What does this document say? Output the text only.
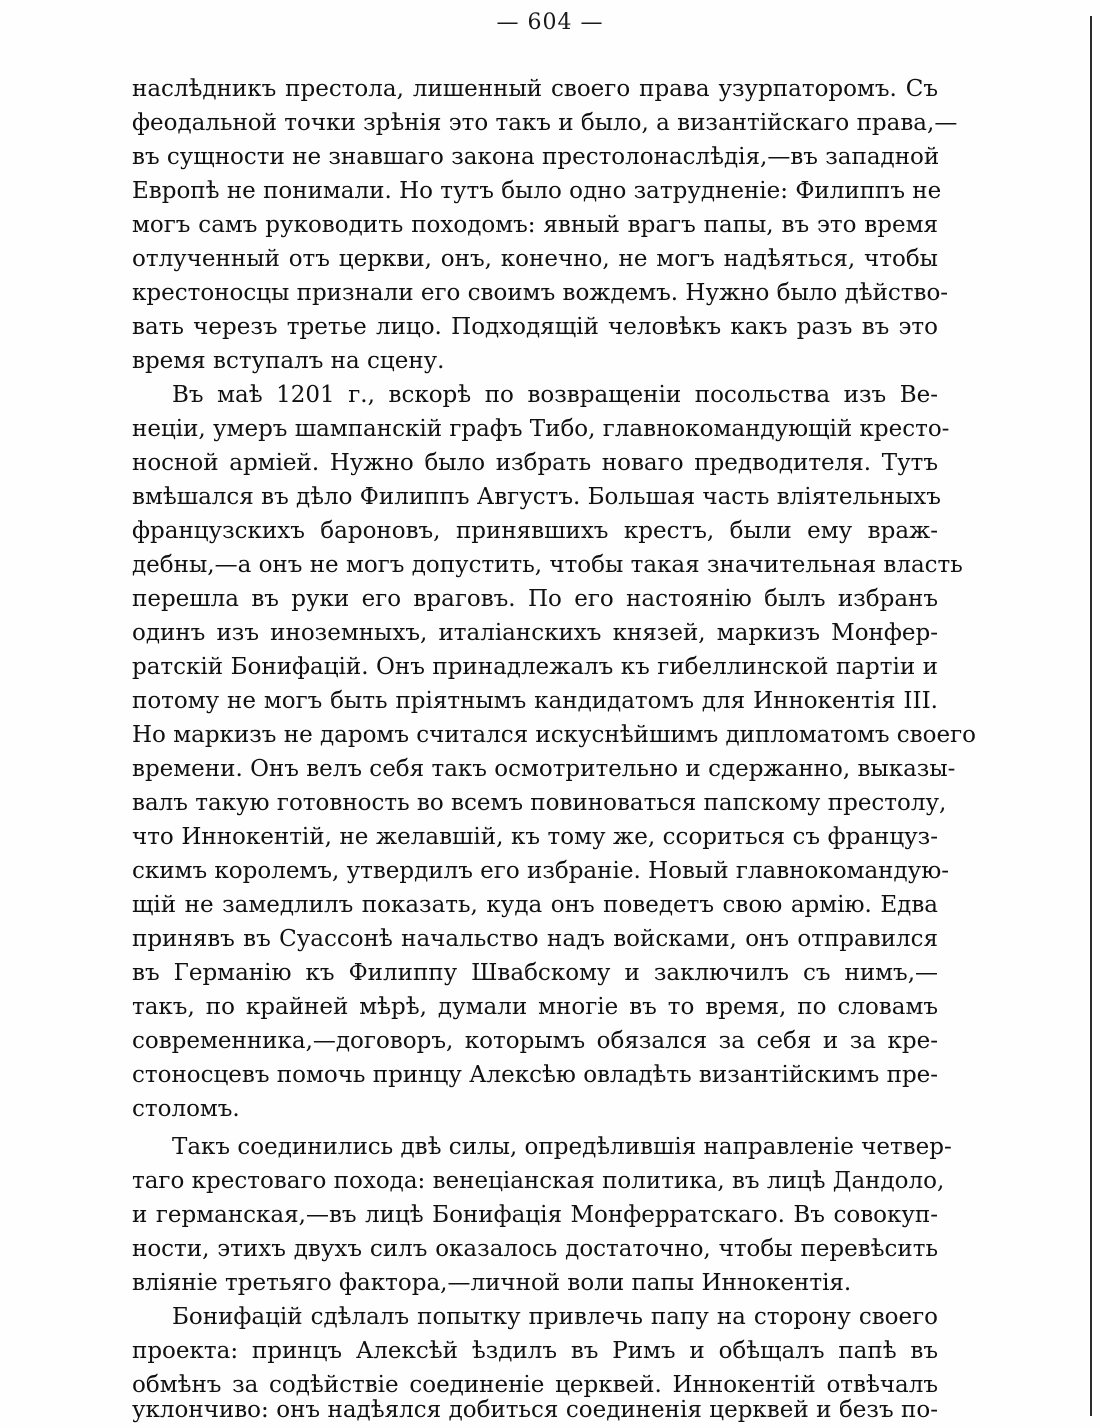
— 604 —
наслѣдникъ престола, лишенный своего права узурпаторомъ. Съ
феодальной точки зрѣнія это такъ и было, а византійскаго права,—
въ сущности не знавшаго закона престолонаслѣдія,—въ западной
Европѣ не понимали. Но тутъ было одно затрудненіе: Филиппъ не
могъ самъ руководить походомъ: явный врагъ папы, въ это время
отлученный отъ церкви, онъ, конечно, не могъ надѣяться, чтобы
крестоносцы признали его своимъ вождемъ. Нужно было дѣйство-
вать черезъ третье лицо. Подходящій человѣкъ какъ разъ въ это
время вступалъ на сцену.
Въ маѣ 1201 г., вскорѣ по возвращеніи посольства изъ Ве-
неціи, умеръ шампанскій графъ Тибо, главнокомандующій кресто-
носной арміей. Нужно было избрать новаго предводителя. Тутъ
вмѣшался въ дѣло Филиппъ Августъ. Большая часть вліятельныхъ
французскихъ бароновъ, принявшихъ крестъ, были ему враж-
дебны,—а онъ не могъ допустить, чтобы такая значительная власть
перешла въ руки его враговъ. По его настоянію былъ избранъ
одинъ изъ иноземныхъ, италіанскихъ князей, маркизъ Монфер-
ратскій Бонифацій. Онъ принадлежалъ къ гибеллинской партіи и
потому не могъ быть пріятнымъ кандидатомъ для Иннокентія III.
Но маркизъ не даромъ считался искуснѣйшимъ дипломатомъ своего
времени. Онъ велъ себя такъ осмотрительно и сдержанно, выказы-
валъ такую готовность во всемъ повиноваться папскому престолу,
что Иннокентій, не желавшій, къ тому же, ссориться съ француз-
скимъ королемъ, утвердилъ его избраніе. Новый главнокомандую-
щій не замедлилъ показать, куда онъ поведетъ свою армію. Едва
принявъ въ Суассонѣ начальство надъ войсками, онъ отправился
въ Германію къ Филиппу Швабскому и заключилъ съ нимъ,—
такъ, по крайней мѣрѣ, думали многіе въ то время, по словамъ
современника,—договоръ, которымъ обязался за себя и за кре-
стоносцевъ помочь принцу Алексѣю овладѣть византійскимъ пре-
столомъ.
Такъ соединились двѣ силы, опредѣлившія направленіе четвер-
таго крестоваго похода: венеціанская политика, въ лицѣ Дандоло,
и германская,—въ лицѣ Бонифація Монферратскаго. Въ совокуп-
ности, этихъ двухъ силъ оказалось достаточно, чтобы перевѣсить
вліяніе третьяго фактора,—личной воли папы Иннокентія.
Бонифацій сдѣлалъ попытку привлечь папу на сторону своего
проекта: принцъ Алексѣй ѣздилъ въ Римъ и обѣщалъ папѣ въ
обмѣнъ за содѣйствіе соединеніе церквей. Иннокентій отвѣчалъ
уклончиво: онъ надѣялся добиться соединенія церквей и безъ по-
